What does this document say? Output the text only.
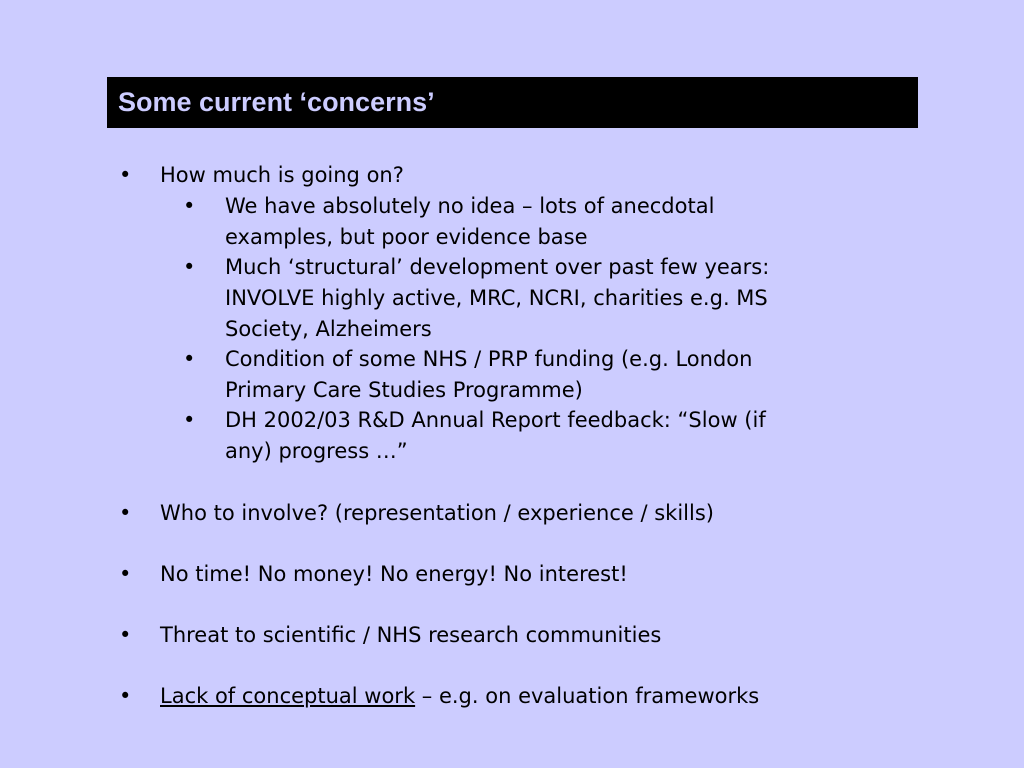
Some current ‘concerns’
• How much is going on?
• We have absolutely no idea – lots of anecdotal
examples, but poor evidence base
• Much ‘structural’ development over past few years:
INVOLVE highly active, MRC, NCRI, charities e.g. MS
Society, Alzheimers
• Condition of some NHS / PRP funding (e.g. London
Primary Care Studies Programme)
• DH 2002/03 R&D Annual Report feedback: “Slow (if
any) progress …”
• Who to involve? (representation / experience / skills)
• No time! No money! No energy! No interest!
• Threat to scientific / NHS research communities
• Lack of conceptual work – e.g. on evaluation frameworks
